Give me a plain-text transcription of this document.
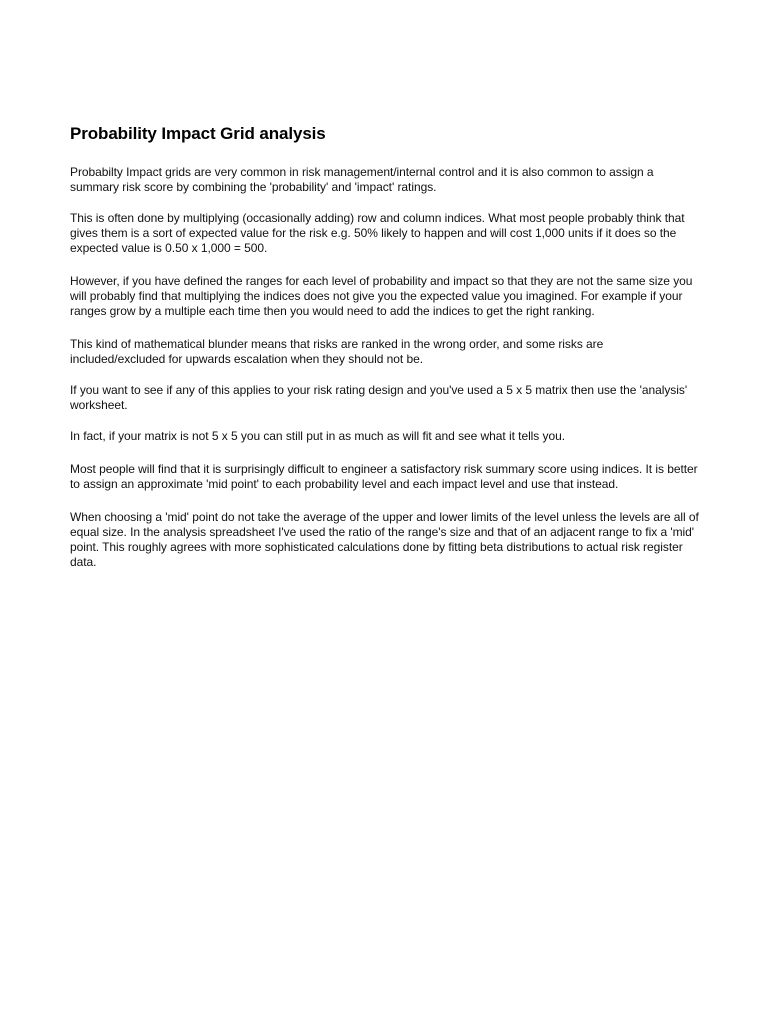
Probability Impact Grid analysis

Probabilty Impact grids are very common in risk management/internal control and it is also common to assign a summary risk score by combining the 'probability' and 'impact' ratings.

This is often done by multiplying (occasionally adding) row and column indices. What most people probably think that gives them is a sort of expected value for the risk e.g. 50% likely to happen and will cost 1,000 units if it does so the expected value is 0.50 x 1,000 = 500.

However, if you have defined the ranges for each level of probability and impact so that they are not the same size you will probably find that multiplying the indices does not give you the expected value you imagined. For example if your ranges grow by a multiple each time then you would need to add the indices to get the right ranking.

This kind of mathematical blunder means that risks are ranked in the wrong order, and some risks are included/excluded for upwards escalation when they should not be.

If you want to see if any of this applies to your risk rating design and you've used a 5 x 5 matrix then use the 'analysis' worksheet.

In fact, if your matrix is not 5 x 5 you can still put in as much as will fit and see what it tells you.

Most people will find that it is surprisingly difficult to engineer a satisfactory risk summary score using indices. It is better to assign an approximate 'mid point' to each probability level and each impact level and use that instead.

When choosing a 'mid' point do not take the average of the upper and lower limits of the level unless the levels are all of equal size. In the analysis spreadsheet I've used the ratio of the range's size and that of an adjacent range to fix a 'mid' point. This roughly agrees with more sophisticated calculations done by fitting beta distributions to actual risk register data.
